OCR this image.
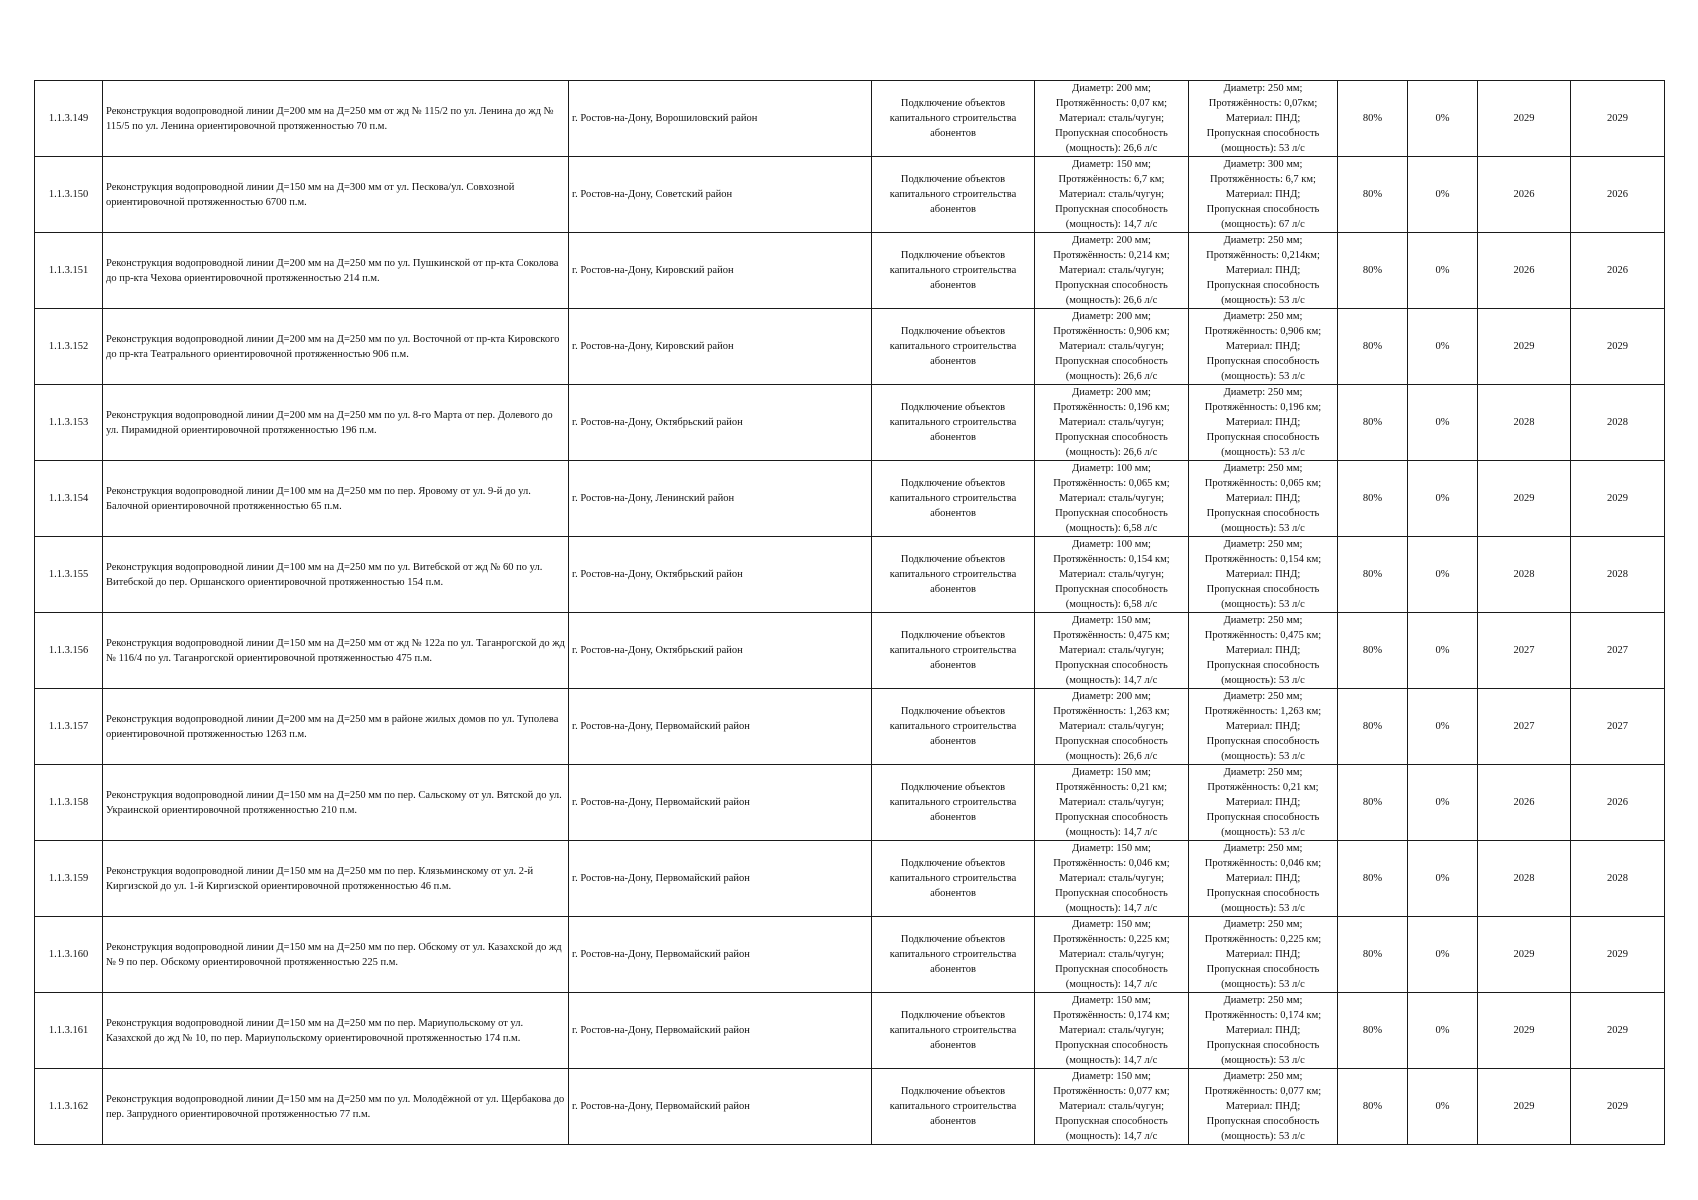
1.1.3.149	Реконструкция водопроводной линии Д=200 мм на Д=250 мм от жд № 115/2 по ул. Ленина до жд № 115/5 по ул. Ленина ориентировочной протяженностью 70 п.м.	г. Ростов-на-Дону, Ворошиловский район	Подключение объектов капитального строительства абонентов	Диаметр: 200 мм;
Протяжённость: 0,07 км;
Материал: сталь/чугун;
Пропускная способность
(мощность): 26,6 л/с	Диаметр: 250 мм;
Протяжённость: 0,07км;
Материал: ПНД;
Пропускная способность
(мощность): 53 л/с	80%	0%	2029	2029
1.1.3.150	Реконструкция водопроводной линии Д=150 мм на Д=300 мм от ул. Пескова/ул. Совхозной ориентировочной протяженностью 6700 п.м.	г. Ростов-на-Дону, Советский район	Подключение объектов капитального строительства абонентов	Диаметр: 150 мм;
Протяжённость: 6,7 км;
Материал: сталь/чугун;
Пропускная способность
(мощность): 14,7 л/с	Диаметр: 300 мм;
Протяжённость: 6,7 км;
Материал: ПНД;
Пропускная способность
(мощность): 67 л/с	80%	0%	2026	2026
1.1.3.151	Реконструкция водопроводной линии Д=200 мм на Д=250 мм по ул. Пушкинской от пр-кта Соколова до пр-кта Чехова ориентировочной протяженностью 214 п.м.	г. Ростов-на-Дону, Кировский район	Подключение объектов капитального строительства абонентов	Диаметр: 200 мм;
Протяжённость: 0,214 км;
Материал: сталь/чугун;
Пропускная способность
(мощность): 26,6 л/с	Диаметр: 250 мм;
Протяжённость: 0,214км;
Материал: ПНД;
Пропускная способность
(мощность): 53 л/с	80%	0%	2026	2026
1.1.3.152	Реконструкция водопроводной линии Д=200 мм на Д=250 мм по ул. Восточной от пр-кта Кировского до пр-кта Театрального ориентировочной протяженностью 906 п.м.	г. Ростов-на-Дону, Кировский район	Подключение объектов капитального строительства абонентов	Диаметр: 200 мм;
Протяжённость: 0,906 км;
Материал: сталь/чугун;
Пропускная способность
(мощность): 26,6 л/с	Диаметр: 250 мм;
Протяжённость: 0,906 км;
Материал: ПНД;
Пропускная способность
(мощность): 53 л/с	80%	0%	2029	2029
1.1.3.153	Реконструкция водопроводной линии Д=200 мм на Д=250 мм по ул. 8-го Марта от пер. Долевого до ул. Пирамидной ориентировочной протяженностью 196 п.м.	г. Ростов-на-Дону, Октябрьский район	Подключение объектов капитального строительства абонентов	Диаметр: 200 мм;
Протяжённость: 0,196 км;
Материал: сталь/чугун;
Пропускная способность
(мощность): 26,6 л/с	Диаметр: 250 мм;
Протяжённость: 0,196 км;
Материал: ПНД;
Пропускная способность
(мощность): 53 л/с	80%	0%	2028	2028
1.1.3.154	Реконструкция водопроводной линии Д=100 мм на Д=250 мм по пер. Яровому от ул. 9-й до ул. Балочной ориентировочной протяженностью 65 п.м.	г. Ростов-на-Дону, Ленинский район	Подключение объектов капитального строительства абонентов	Диаметр: 100 мм;
Протяжённость: 0,065 км;
Материал: сталь/чугун;
Пропускная способность
(мощность): 6,58 л/с	Диаметр: 250 мм;
Протяжённость: 0,065 км;
Материал: ПНД;
Пропускная способность
(мощность): 53 л/с	80%	0%	2029	2029
1.1.3.155	Реконструкция водопроводной линии Д=100 мм на Д=250 мм по ул. Витебской от жд № 60 по ул. Витебской до пер. Оршанского ориентировочной протяженностью 154 п.м.	г. Ростов-на-Дону, Октябрьский район	Подключение объектов капитального строительства абонентов	Диаметр: 100 мм;
Протяжённость: 0,154 км;
Материал: сталь/чугун;
Пропускная способность
(мощность): 6,58 л/с	Диаметр: 250 мм;
Протяжённость: 0,154 км;
Материал: ПНД;
Пропускная способность
(мощность): 53 л/с	80%	0%	2028	2028
1.1.3.156	Реконструкция водопроводной линии Д=150 мм на Д=250 мм от жд № 122а по ул. Таганрогской до жд № 116/4 по ул. Таганрогской ориентировочной протяженностью 475 п.м.	г. Ростов-на-Дону, Октябрьский район	Подключение объектов капитального строительства абонентов	Диаметр: 150 мм;
Протяжённость: 0,475 км;
Материал: сталь/чугун;
Пропускная способность
(мощность): 14,7 л/с	Диаметр: 250 мм;
Протяжённость: 0,475 км;
Материал: ПНД;
Пропускная способность
(мощность): 53 л/с	80%	0%	2027	2027
1.1.3.157	Реконструкция водопроводной линии Д=200 мм на Д=250 мм в районе жилых домов по ул. Туполева ориентировочной протяженностью 1263 п.м.	г. Ростов-на-Дону, Первомайский район	Подключение объектов капитального строительства абонентов	Диаметр: 200 мм;
Протяжённость: 1,263 км;
Материал: сталь/чугун;
Пропускная способность
(мощность): 26,6 л/с	Диаметр: 250 мм;
Протяжённость: 1,263 км;
Материал: ПНД;
Пропускная способность
(мощность): 53 л/с	80%	0%	2027	2027
1.1.3.158	Реконструкция водопроводной линии Д=150 мм на Д=250 мм по пер. Сальскому от ул. Вятской до ул. Украинской ориентировочной протяженностью 210 п.м.	г. Ростов-на-Дону, Первомайский район	Подключение объектов капитального строительства абонентов	Диаметр: 150 мм;
Протяжённость: 0,21 км;
Материал: сталь/чугун;
Пропускная способность
(мощность): 14,7 л/с	Диаметр: 250 мм;
Протяжённость: 0,21 км;
Материал: ПНД;
Пропускная способность
(мощность): 53 л/с	80%	0%	2026	2026
1.1.3.159	Реконструкция водопроводной линии Д=150 мм на Д=250 мм по пер. Клязьминскому от ул. 2-й Киргизской до ул. 1-й Киргизской ориентировочной протяженностью 46 п.м.	г. Ростов-на-Дону, Первомайский район	Подключение объектов капитального строительства абонентов	Диаметр: 150 мм;
Протяжённость: 0,046 км;
Материал: сталь/чугун;
Пропускная способность
(мощность): 14,7 л/с	Диаметр: 250 мм;
Протяжённость: 0,046 км;
Материал: ПНД;
Пропускная способность
(мощность): 53 л/с	80%	0%	2028	2028
1.1.3.160	Реконструкция водопроводной линии Д=150 мм на Д=250 мм по пер. Обскому от ул. Казахской до жд № 9 по пер. Обскому ориентировочной протяженностью 225 п.м.	г. Ростов-на-Дону, Первомайский район	Подключение объектов капитального строительства абонентов	Диаметр: 150 мм;
Протяжённость: 0,225 км;
Материал: сталь/чугун;
Пропускная способность
(мощность): 14,7 л/с	Диаметр: 250 мм;
Протяжённость: 0,225 км;
Материал: ПНД;
Пропускная способность
(мощность): 53 л/с	80%	0%	2029	2029
1.1.3.161	Реконструкция водопроводной линии Д=150 мм на Д=250 мм по пер. Мариупольскому от ул. Казахской до жд № 10, по пер. Мариупольскому ориентировочной протяженностью 174 п.м.	г. Ростов-на-Дону, Первомайский район	Подключение объектов капитального строительства абонентов	Диаметр: 150 мм;
Протяжённость: 0,174 км;
Материал: сталь/чугун;
Пропускная способность
(мощность): 14,7 л/с	Диаметр: 250 мм;
Протяжённость: 0,174 км;
Материал: ПНД;
Пропускная способность
(мощность): 53 л/с	80%	0%	2029	2029
1.1.3.162	Реконструкция водопроводной линии Д=150 мм на Д=250 мм по ул. Молодёжной от ул. Щербакова до пер. Запрудного ориентировочной протяженностью 77 п.м.	г. Ростов-на-Дону, Первомайский район	Подключение объектов капитального строительства абонентов	Диаметр: 150 мм;
Протяжённость: 0,077 км;
Материал: сталь/чугун;
Пропускная способность
(мощность): 14,7 л/с	Диаметр: 250 мм;
Протяжённость: 0,077 км;
Материал: ПНД;
Пропускная способность
(мощность): 53 л/с	80%	0%	2029	2029
